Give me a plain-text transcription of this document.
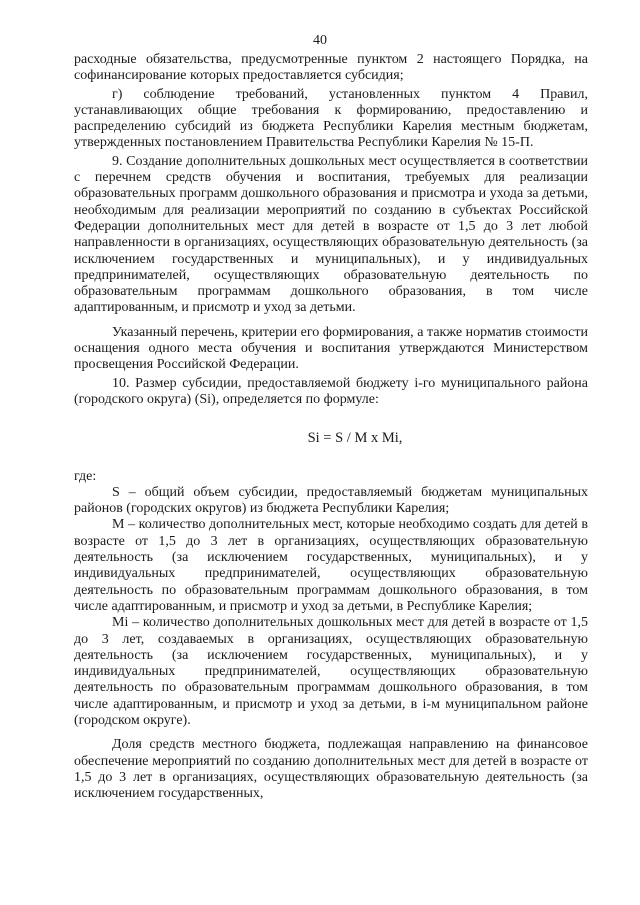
40

расходные обязательства, предусмотренные пунктом 2 настоящего Порядка, на софинансирование которых предоставляется субсидия;

г) соблюдение требований, установленных пунктом 4 Правил, устанавливающих общие требования к формированию, предоставлению и распределению субсидий из бюджета Республики Карелия местным бюджетам, утвержденных постановлением Правительства Республики Карелия № 15-П.

9. Создание дополнительных дошкольных мест осуществляется в соответствии с перечнем средств обучения и воспитания, требуемых для реализации образовательных программ дошкольного образования и присмотра и ухода за детьми, необходимым для реализации мероприятий по созданию в субъектах Российской Федерации дополнительных мест для детей в возрасте от 1,5 до 3 лет любой направленности в организациях, осуществляющих образовательную деятельность (за исключением государственных и муниципальных), и у индивидуальных предпринимателей, осуществляющих образовательную деятельность по образовательным программам дошкольного образования, в том числе адаптированным, и присмотр и уход за детьми.

Указанный перечень, критерии его формирования, а также норматив стоимости оснащения одного места обучения и воспитания утверждаются Министерством просвещения Российской Федерации.

10. Размер субсидии, предоставляемой бюджету i-го муниципального района (городского округа) (Si), определяется по формуле:

Si = S / M x Mi,

где:

S – общий объем субсидии, предоставляемый бюджетам муниципальных районов (городских округов) из бюджета Республики Карелия;

M – количество дополнительных мест, которые необходимо создать для детей в возрасте от 1,5 до 3 лет в организациях, осуществляющих образовательную деятельность (за исключением государственных, муниципальных), и у индивидуальных предпринимателей, осуществляющих образовательную деятельность по образовательным программам дошкольного образования, в том числе адаптированным, и присмотр и уход за детьми, в Республике Карелия;

Mi – количество дополнительных дошкольных мест для детей в возрасте от 1,5 до 3 лет, создаваемых в организациях, осуществляющих образовательную деятельность (за исключением государственных, муниципальных), и у индивидуальных предпринимателей, осуществляющих образовательную деятельность по образовательным программам дошкольного образования, в том числе адаптированным, и присмотр и уход за детьми, в i-м муниципальном районе (городском округе).

Доля средств местного бюджета, подлежащая направлению на финансовое обеспечение мероприятий по созданию дополнительных мест для детей в возрасте от 1,5 до 3 лет в организациях, осуществляющих образовательную деятельность (за исключением государственных,
